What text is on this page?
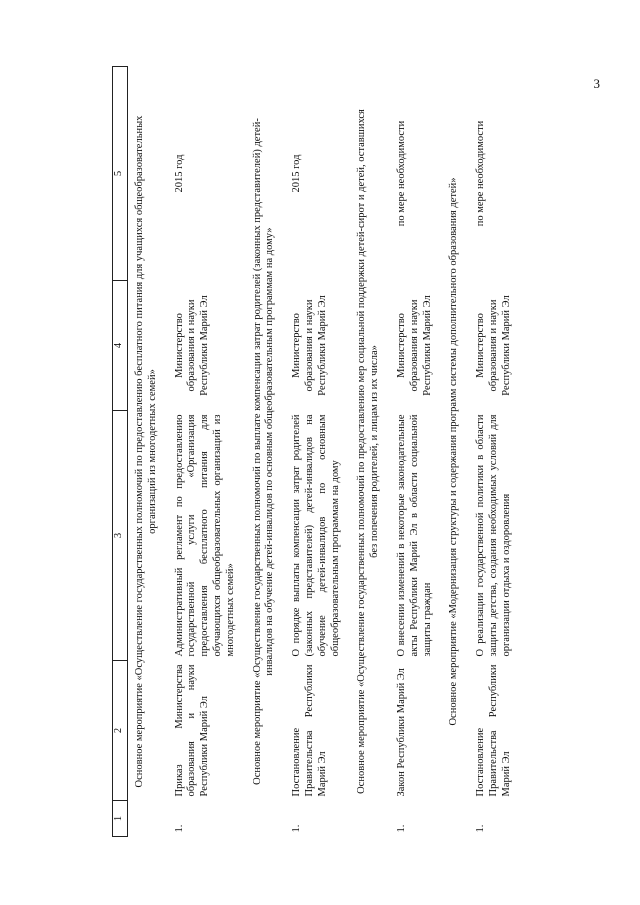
3
1	2	3	4	5
Основное мероприятие «Осуществление государственных полномочий по предоставлению бесплатного питания для учащихся общеобразовательных организаций из многодетных семей»				
1.	Приказ Министерства образования и науки Республики Марий Эл	Административный регламент по предоставлению государственной услуги «Организация предоставления бесплатного питания для обучающихся общеобразовательных организаций из многодетных семей»	Министерство образования и науки Республики Марий Эл	2015 год
Основное мероприятие «Осуществление государственных полномочий по выплате компенсации затрат родителей (законных представителей) детей-инвалидов на обучение детей-инвалидов по основным общеобразовательным программам на дому»				
1.	Постановление Правительства Республики Марий Эл	О порядке выплаты компенсации затрат родителей (законных представителей) детей-инвалидов на обучение детей-инвалидов по основным общеобразовательным программам на дому	Министерство образования и науки Республики Марий Эл	2015 год
Основное мероприятие «Осуществление государственных полномочий по предоставлению мер социальной поддержки детей-сирот и детей, оставшихся без попечения родителей, и лицам из их числа»				
1.	Закон Республики Марий Эл	О внесении изменений в некоторые законодательные акты Республики Марий Эл в области социальной защиты граждан	Министерство образования и науки Республики Марий Эл	по мере необходимости
Основное мероприятие «Модернизация структуры и содержания программ системы дополнительного образования детей»				
1.	Постановление Правительства Республики Марий Эл	О реализации государственной политики в области защиты детства, создания необходимых условий для организации отдыха и оздоровления	Министерство образования и науки Республики Марий Эл	по мере необходимости
